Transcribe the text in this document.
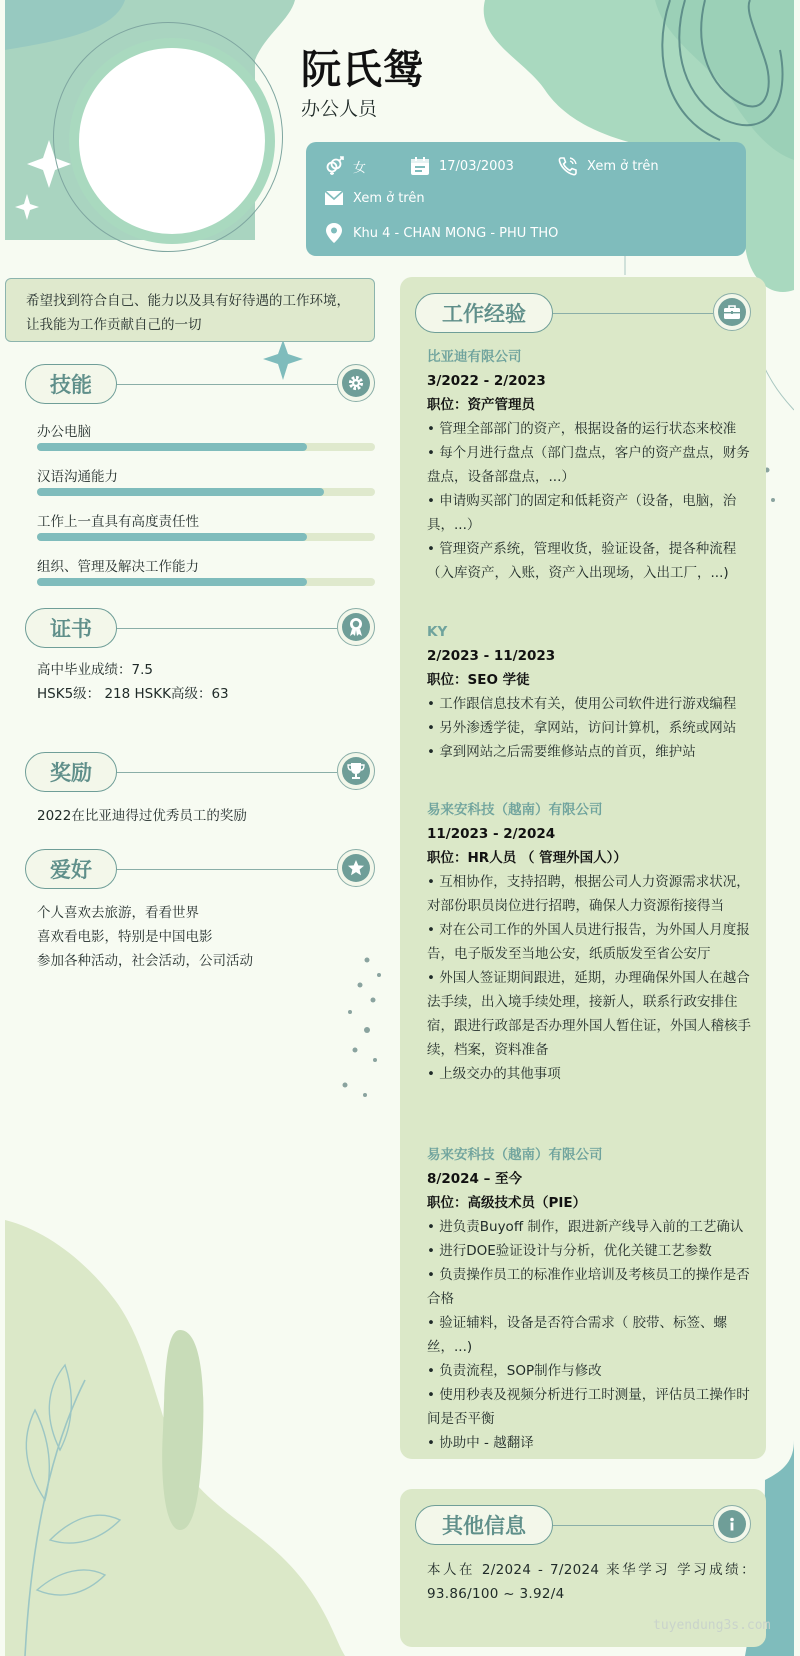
阮氏鸳
办公人员
女	17/03/2003	Xem ở trên
Xem ở trên
Khu 4 - CHAN MONG - PHU THO
希望找到符合自己、能力以及具有好待遇的工作环境，让我能为工作贡献自己的一切
技能
办公电脑
汉语沟通能力
工作上一直具有高度责任性
组织、管理及解决工作能力
证书
高中毕业成绩：7.5
HSK5级： 218 HSKK高级：63
奖励
2022在比亚迪得过优秀员工的奖励
爱好
个人喜欢去旅游，看看世界
喜欢看电影，特别是中国电影
参加各种活动，社会活动，公司活动
工作经验
比亚迪有限公司
3/2022 - 2/2023
职位：资产管理员
• 管理全部部门的资产，根据设备的运行状态来校准
• 每个月进行盘点（部门盘点，客户的资产盘点，财务盘点，设备部盘点，...）
• 申请购买部门的固定和低耗资产（设备，电脑，治具，...）
• 管理资产系统，管理收货，验证设备，提各种流程（入库资产，入账，资产入出现场，入出工厂，...)
KY
2/2023 - 11/2023
职位：SEO 学徒
• 工作跟信息技术有关，使用公司软件进行游戏编程
• 另外渗透学徒，拿网站，访问计算机，系统或网站
• 拿到网站之后需要维修站点的首页，维护站
易来安科技（越南）有限公司
11/2023 - 2/2024
职位：HR人员 （ 管理外国人））
• 互相协作，支持招聘，根据公司人力资源需求状况，对部份职员岗位进行招聘，确保人力资源衔接得当
• 对在公司工作的外国人员进行报告，为外国人月度报告，电子版发至当地公安，纸质版发至省公安厅
• 外国人签证期间跟进，延期，办理确保外国人在越合法手续，出入境手续处理，接新人，联系行政安排住宿，跟进行政部是否办理外国人暂住证，外国人稽核手续，档案，资料准备
• 上级交办的其他事项
易来安科技（越南）有限公司
8/2024 – 至今
职位：高级技术员（PIE）
• 进负责Buyoff 制作，跟进新产线导入前的工艺确认
• 进行DOE验证设计与分析，优化关键工艺参数
• 负责操作员工的标准作业培训及考核员工的操作是否合格
• 验证辅料，设备是否符合需求（ 胶带、标签、螺丝，...)
• 负责流程，SOP制作与修改
• 使用秒表及视频分析进行工时测量，评估员工操作时间是否平衡
• 协助中 - 越翻译
其他信息
本人在 2/2024 - 7/2024 来华学习 学习成绩：93.86/100 ~ 3.92/4
tuyendung3s.com
